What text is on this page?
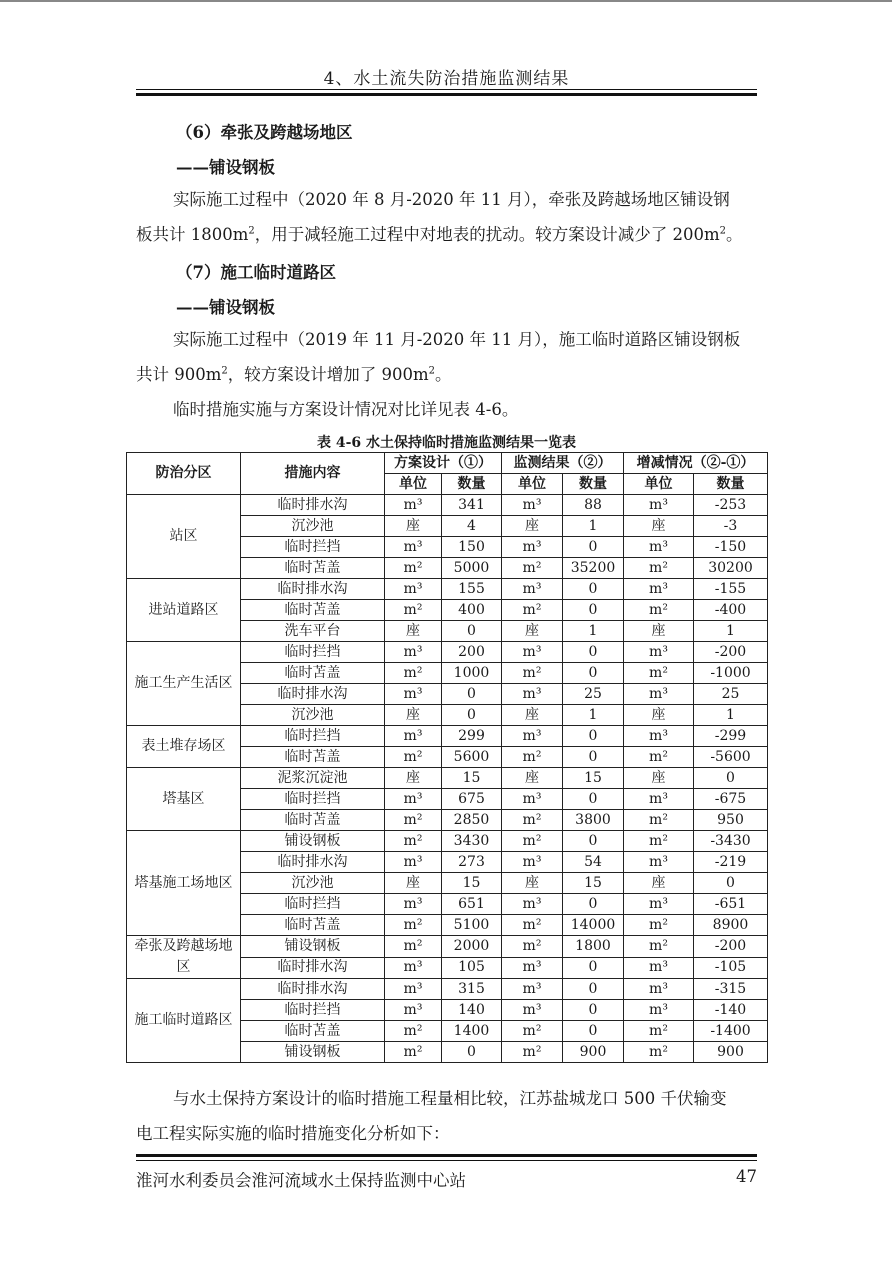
4、水土流失防治措施监测结果
（6）牵张及跨越场地区
——铺设钢板
实际施工过程中（2020 年 8 月-2020 年 11 月），牵张及跨越场地区铺设钢
板共计 $1800m^2$，用于减轻施工过程中对地表的扰动。较方案设计减少了 $200m^2$。
（7）施工临时道路区
——铺设钢板
实际施工过程中（2019 年 11 月-2020 年 11 月），施工临时道路区铺设钢板
共计 $900m^2$，较方案设计增加了 $900m^2$。
临时措施实施与方案设计情况对比详见表 4-6。
表 4-6 水土保持临时措施监测结果一览表
防治分区	措施内容	方案设计（①）		监测结果（②）		增减情况（②-①）	
		单位	数量	单位	数量	单位	数量
站区	临时排水沟	m³	341	m³	88	m³	-253
	沉沙池	座	4	座	1	座	-3
	临时拦挡	m³	150	m³	0	m³	-150
	临时苫盖	m²	5000	m²	35200	m²	30200
进站道路区	临时排水沟	m³	155	m³	0	m³	-155
	临时苫盖	m²	400	m²	0	m²	-400
	洗车平台	座	0	座	1	座	1
施工生产生活区	临时拦挡	m³	200	m³	0	m³	-200
	临时苫盖	m²	1000	m²	0	m²	-1000
	临时排水沟	m³	0	m³	25	m³	25
	沉沙池	座	0	座	1	座	1
表土堆存场区	临时拦挡	m³	299	m³	0	m³	-299
	临时苫盖	m²	5600	m²	0	m²	-5600
塔基区	泥浆沉淀池	座	15	座	15	座	0
	临时拦挡	m³	675	m³	0	m³	-675
	临时苫盖	m²	2850	m²	3800	m²	950
塔基施工场地区	铺设钢板	m²	3430	m²	0	m²	-3430
	临时排水沟	m³	273	m³	54	m³	-219
	沉沙池	座	15	座	15	座	0
	临时拦挡	m³	651	m³	0	m³	-651
	临时苫盖	m²	5100	m²	14000	m²	8900
牵张及跨越场地区	铺设钢板	m²	2000	m²	1800	m²	-200
	临时排水沟	m³	105	m³	0	m³	-105
施工临时道路区	临时排水沟	m³	315	m³	0	m³	-315
	临时拦挡	m³	140	m³	0	m³	-140
	临时苫盖	m²	1400	m²	0	m²	-1400
	铺设钢板	m²	0	m²	900	m²	900
与水土保持方案设计的临时措施工程量相比较，江苏盐城龙口 500 千伏输变
电工程实际实施的临时措施变化分析如下：
淮河水利委员会淮河流域水土保持监测中心站	47
